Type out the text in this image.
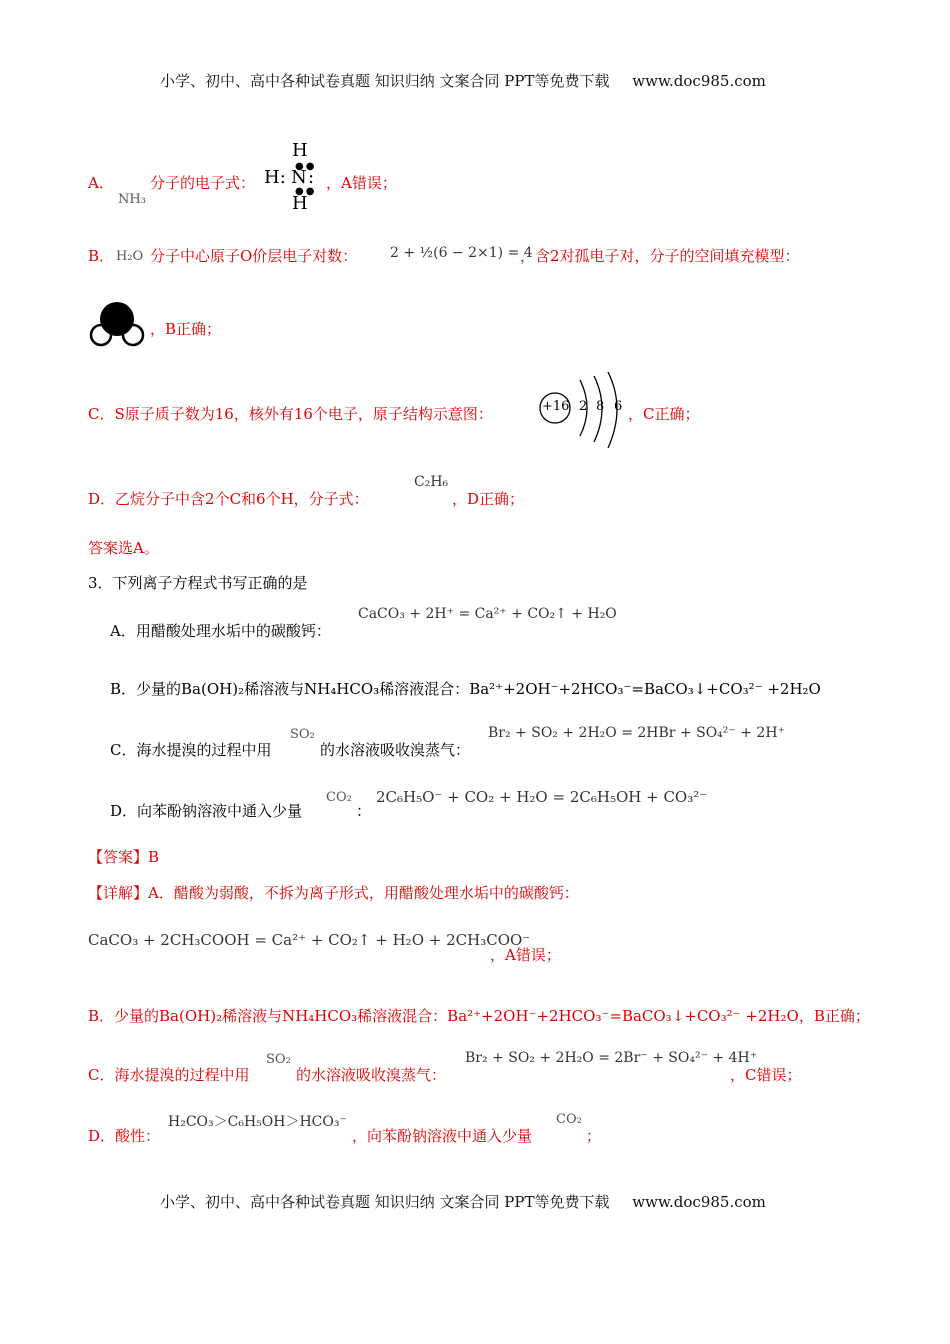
小学、初中、高中各种试卷真题 知识归纳 文案合同 PPT等免费下载 www.doc985.com
A．
NH₃
分子的电子式：
H
●●
H: N :
●●
H
，A错误；
B． H₂O 分子中心原子O价层电子对数： 2 + ½(6 − 2×1) = 4
，含2对孤电子对，分子的空间填充模型：
，B正确；
C．S原子质子数为16，核外有16个电子，原子结构示意图：	+16 2 8 6 ，C正确；
D．乙烷分子中含2个C和6个H，分子式：
C₂H₆
，D正确；
答案选A。
3．下列离子方程式书写正确的是
A．用醋酸处理水垢中的碳酸钙：
CaCO₃ + 2H⁺ = Ca²⁺ + CO₂↑ + H₂O
B．少量的Ba(OH)₂稀溶液与NH₄HCO₃稀溶液混合：Ba²⁺+2OH⁻+2HCO₃⁻=BaCO₃↓+CO₃²⁻ +2H₂O
C．海水提溴的过程中用
SO₂
的水溶液吸收溴蒸气：
Br₂ + SO₂ + 2H₂O = 2HBr + SO₄²⁻ + 2H⁺
D．向苯酚钠溶液中通入少量
CO₂
：
2C₆H₅O⁻ + CO₂ + H₂O = 2C₆H₅OH + CO₃²⁻
【答案】B
【详解】A．醋酸为弱酸，不拆为离子形式，用醋酸处理水垢中的碳酸钙：
CaCO₃ + 2CH₃COOH = Ca²⁺ + CO₂↑ + H₂O + 2CH₃COO⁻
，A错误；
B．少量的Ba(OH)₂稀溶液与NH₄HCO₃稀溶液混合：Ba²⁺+2OH⁻+2HCO₃⁻=BaCO₃↓+CO₃²⁻ +2H₂O，B正确；
C．海水提溴的过程中用
SO₂
的水溶液吸收溴蒸气：
Br₂ + SO₂ + 2H₂O = 2Br⁻ + SO₄²⁻ + 4H⁺
，C错误；
D．酸性：
H₂CO₃＞C₆H₅OH＞HCO₃⁻
，向苯酚钠溶液中通入少量
CO₂
；
小学、初中、高中各种试卷真题 知识归纳 文案合同 PPT等免费下载 www.doc985.com
